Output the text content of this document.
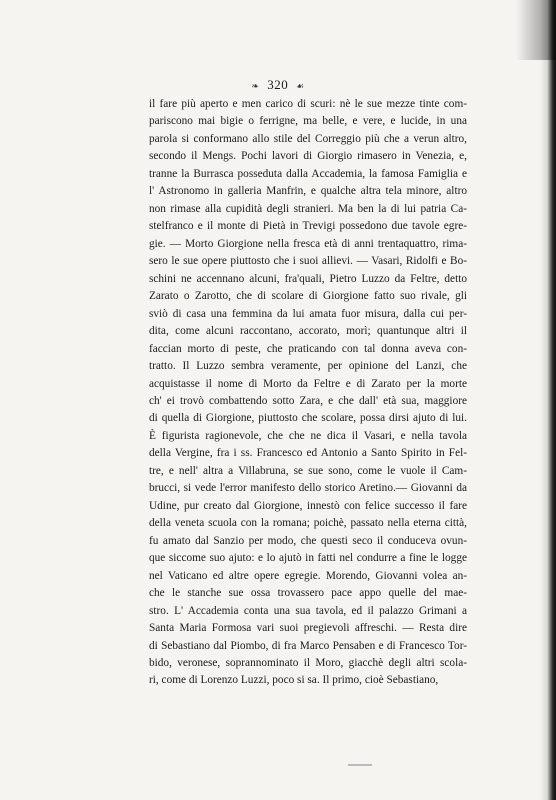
❧ 320 ☙
il fare più aperto e men carico di scuri: nè le sue mezze tinte com-
pariscono mai bigie o ferrigne, ma belle, e vere, e lucide, in una
parola si conformano allo stile del Correggio più che a verun altro,
secondo il Mengs. Pochi lavori di Giorgio rimasero in Venezia, e,
tranne la Burrasca posseduta dalla Accademia, la famosa Famiglia e
l' Astronomo in galleria Manfrin, e qualche altra tela minore, altro
non rimase alla cupidità degli stranieri. Ma ben la di lui patria Ca-
stelfranco e il monte di Pietà in Trevigi possedono due tavole egre-
gie. — Morto Giorgione nella fresca età di anni trentaquattro, rima-
sero le sue opere piuttosto che i suoi allievi. — Vasari, Ridolfi e Bo-
schini ne accennano alcuni, fra'quali, Pietro Luzzo da Feltre, detto
Zarato o Zarotto, che di scolare di Giorgione fatto suo rivale, gli
sviò di casa una femmina da lui amata fuor misura, dalla cui per-
dita, come alcuni raccontano, accorato, morì; quantunque altri il
faccian morto di peste, che praticando con tal donna aveva con-
tratto. Il Luzzo sembra veramente, per opinione del Lanzi, che
acquistasse il nome di Morto da Feltre e di Zarato per la morte
ch' ei trovò combattendo sotto Zara, e che dall' età sua, maggiore
di quella di Giorgione, piuttosto che scolare, possa dirsi ajuto di lui.
È figurista ragionevole, che che ne dica il Vasari, e nella tavola
della Vergine, fra i ss. Francesco ed Antonio a Santo Spirito in Fel-
tre, e nell' altra a Villabruna, se sue sono, come le vuole il Cam-
brucci, si vede l'error manifesto dello storico Aretino.— Giovanni da
Udine, pur creato dal Giorgione, innestò con felice successo il fare
della veneta scuola con la romana; poichè, passato nella eterna città,
fu amato dal Sanzio per modo, che questi seco il conduceva ovun-
que siccome suo ajuto: e lo ajutò in fatti nel condurre a fine le logge
nel Vaticano ed altre opere egregie. Morendo, Giovanni volea an-
che le stanche sue ossa trovassero pace appo quelle del mae-
stro. L' Accademia conta una sua tavola, ed il palazzo Grimani a
Santa Maria Formosa vari suoi pregievoli affreschi. — Resta dire
di Sebastiano dal Piombo, di fra Marco Pensaben e di Francesco Tor-
bido, veronese, soprannominato il Moro, giacchè degli altri scola-
ri, come di Lorenzo Luzzi, poco si sa. Il primo, cioè Sebastiano,
